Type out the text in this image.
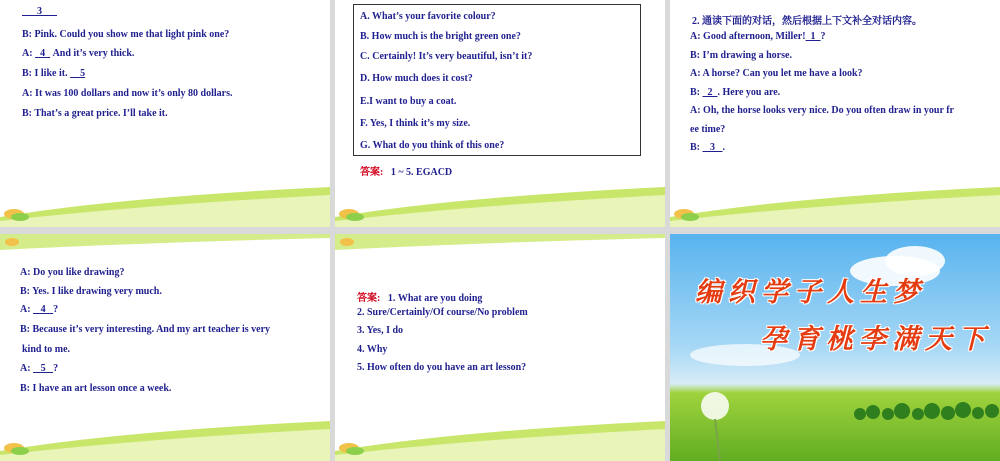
3
B: Pink. Could you show me that light pink one?
A:   4 And it’s very thick.
B: I like it.     5
A: It was 100 dollars and now it’s only 80 dollars.
B: That’s a great price. I’ll take it.
A. What’s your favorite colour?
B. How much is the bright green one?
C. Certainly! It’s very beautiful, isn’t it?
D. How much does it cost?
E.I want to buy a coat.
F. Yes, I think it’s my size.
G. What do you think of this one?
答案: 1 ~ 5. EGACD
2. 通读下面的对话，然后根据上下文补全对话内容。
A: Good afternoon, Miller! 1 ?
B: I’m drawing a horse.
A: A horse? Can you let me have a look?
B:   2 . Here you are.
A: Oh, the horse looks very nice. Do you often draw in your fr
ee time?
B:    3 .
A: Do you like drawing?
B: Yes. I like drawing very much.
A:    4 ?
B: Because it’s very interesting. And my art teacher is very
kind to me.
A:    5 ?
B: I have an art lesson once a week.
答案: 1. What are you doing
2. Sure/Certainly/Of course/No problem
3. Yes, I do
4. Why
5. How often do you have an art lesson?
编织学子人生梦
孕育桃李满天下
